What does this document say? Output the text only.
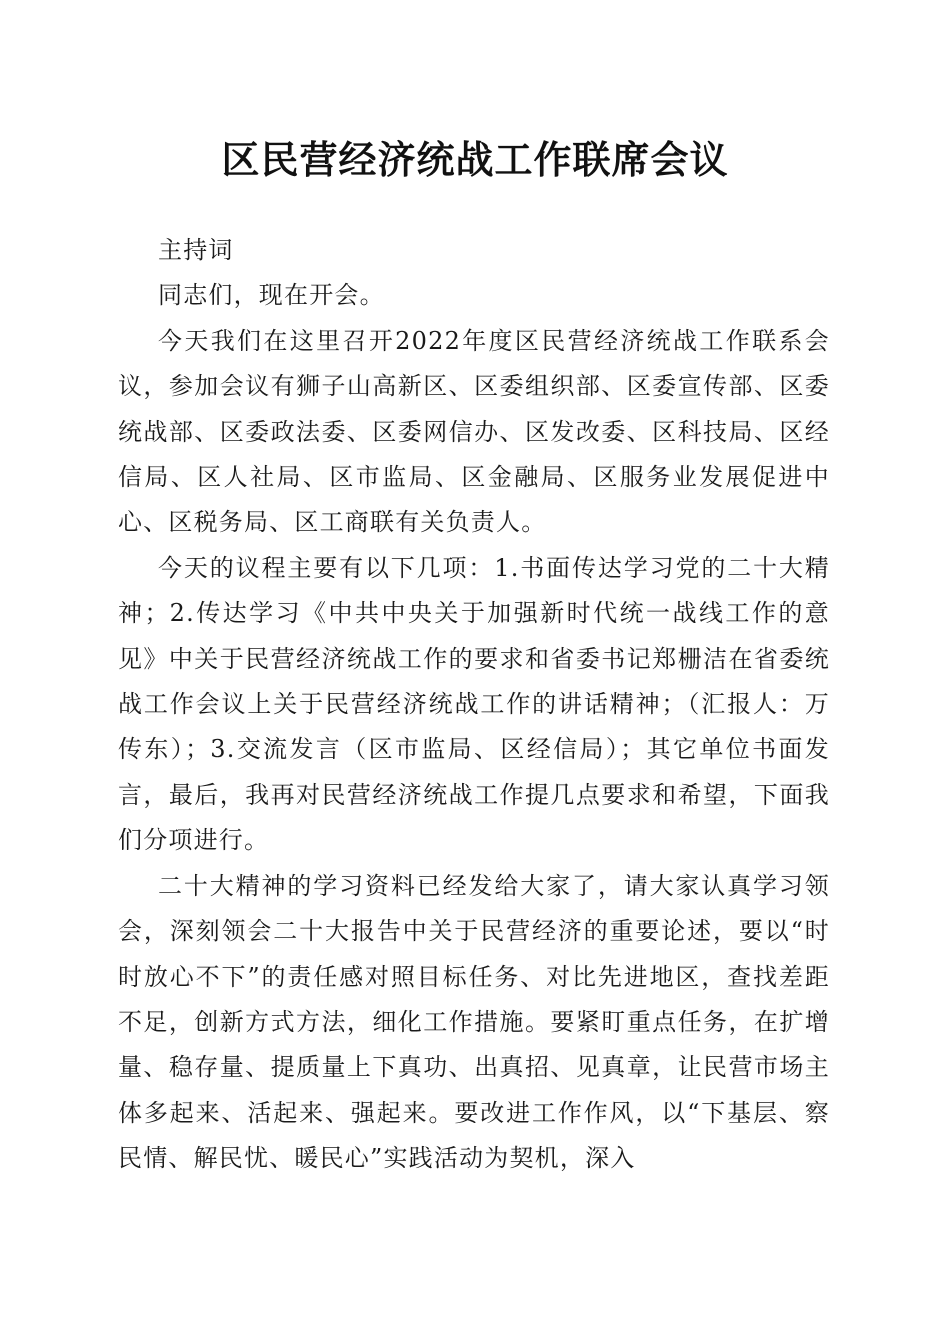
区民营经济统战工作联席会议

主持词

同志们，现在开会。

今天我们在这里召开2022年度区民营经济统战工作联系会议，参加会议有狮子山高新区、区委组织部、区委宣传部、区委统战部、区委政法委、区委网信办、区发改委、区科技局、区经信局、区人社局、区市监局、区金融局、区服务业发展促进中心、区税务局、区工商联有关负责人。

今天的议程主要有以下几项：1.书面传达学习党的二十大精神；2.传达学习《中共中央关于加强新时代统一战线工作的意见》中关于民营经济统战工作的要求和省委书记郑栅洁在省委统战工作会议上关于民营经济统战工作的讲话精神；（汇报人：万传东）；3.交流发言（区市监局、区经信局）；其它单位书面发言，最后，我再对民营经济统战工作提几点要求和希望，下面我们分项进行。

二十大精神的学习资料已经发给大家了，请大家认真学习领会，深刻领会二十大报告中关于民营经济的重要论述，要以“时时放心不下”的责任感对照目标任务、对比先进地区，查找差距不足，创新方式方法，细化工作措施。要紧盯重点任务，在扩增量、稳存量、提质量上下真功、出真招、见真章，让民营市场主体多起来、活起来、强起来。要改进工作作风，以“下基层、察民情、解民忧、暖民心”实践活动为契机，深入
